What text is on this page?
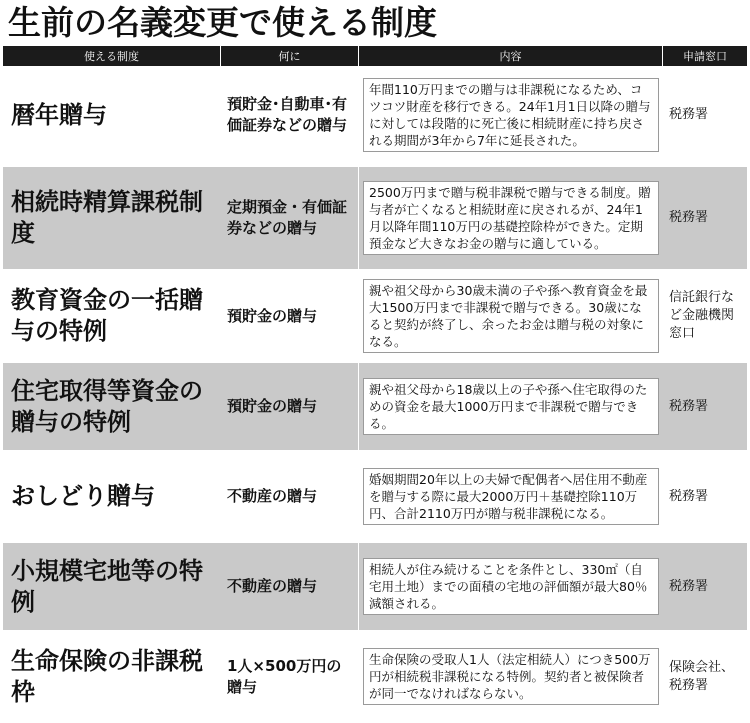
生前の名義変更で使える制度
使える制度	何に	内容	申請窓口
暦年贈与	預貯金･自動車･有価証券などの贈与	年間110万円までの贈与は非課税になるため、コツコツ財産を移行できる。24年1月1日以降の贈与に対しては段階的に死亡後に相続財産に持ち戻される期間が3年から7年に延長された。	税務署
相続時精算課税制度	定期預金・有価証券などの贈与	2500万円まで贈与税非課税で贈与できる制度。贈与者が亡くなると相続財産に戻されるが、24年1月以降年間110万円の基礎控除枠ができた。定期預金など大きなお金の贈与に適している。	税務署
教育資金の一括贈与の特例	預貯金の贈与	親や祖父母から30歳未満の子や孫へ教育資金を最大1500万円まで非課税で贈与できる。30歳になると契約が終了し、余ったお金は贈与税の対象になる。	信託銀行など金融機関窓口
住宅取得等資金の贈与の特例	預貯金の贈与	親や祖父母から18歳以上の子や孫へ住宅取得のための資金を最大1000万円まで非課税で贈与できる。	税務署
おしどり贈与	不動産の贈与	婚姻期間20年以上の夫婦で配偶者へ居住用不動産を贈与する際に最大2000万円＋基礎控除110万円、合計2110万円が贈与税非課税になる。	税務署
小規模宅地等の特例	不動産の贈与	相続人が住み続けることを条件とし、330㎡（自宅用土地）までの面積の宅地の評価額が最大80％減額される。	税務署
生命保険の非課税枠	1人×500万円の贈与	生命保険の受取人1人（法定相続人）につき500万円が相続税非課税になる特例。契約者と被保険者が同一でなければならない。	保険会社、税務署
